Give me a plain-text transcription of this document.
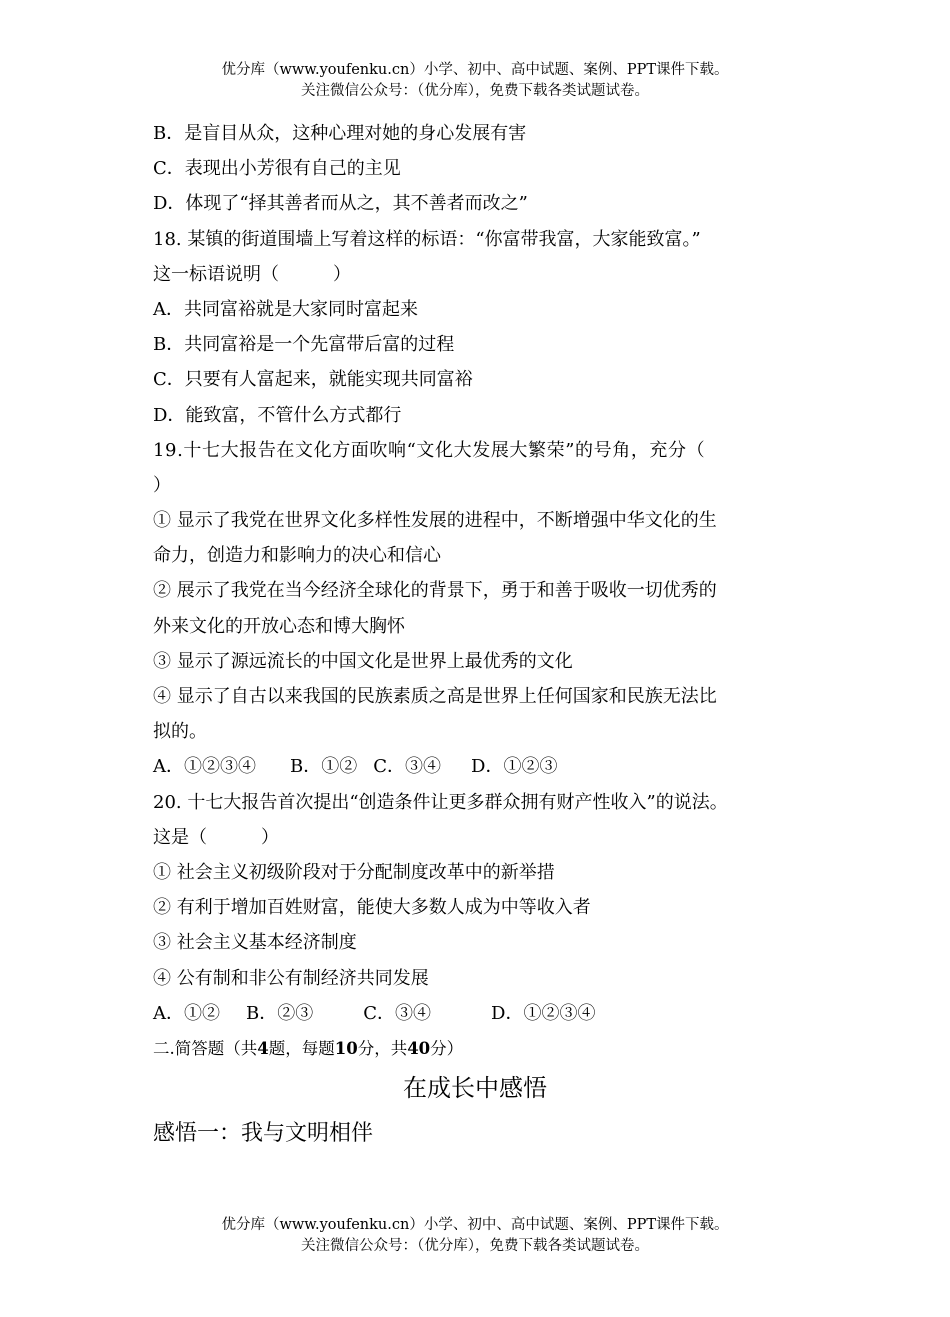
优分库（www.youfenku.cn）小学、初中、高中试题、案例、PPT课件下载。
关注微信公众号：（优分库），免费下载各类试题试卷。
B．是盲目从众，这种心理对她的身心发展有害
C．表现出小芳很有自己的主见
D．体现了“择其善者而从之，其不善者而改之”
18. 某镇的街道围墙上写着这样的标语：“你富带我富，大家能致富。”
这一标语说明（　　　）
A．共同富裕就是大家同时富起来
B．共同富裕是一个先富带后富的过程
C．只要有人富起来，就能实现共同富裕
D．能致富，不管什么方式都行
19.十七大报告在文化方面吹响“文化大发展大繁荣”的号角，充分（
）
① 显示了我党在世界文化多样性发展的进程中，不断增强中华文化的生
命力，创造力和影响力的决心和信心
② 展示了我党在当今经济全球化的背景下，勇于和善于吸收一切优秀的
外来文化的开放心态和博大胸怀
③ 显示了源远流长的中国文化是世界上最优秀的文化
④ 显示了自古以来我国的民族素质之高是世界上任何国家和民族无法比
拟的。
A．①②③④ B．①② C．③④ D．①②③
20. 十七大报告首次提出“创造条件让更多群众拥有财产性收入”的说法。
这是（　　　）
① 社会主义初级阶段对于分配制度改革中的新举措
② 有利于增加百姓财富，能使大多数人成为中等收入者
③ 社会主义基本经济制度
④ 公有制和非公有制经济共同发展
A．①② B．②③	C．③④	D．①②③④
二.简答题（共4题，每题10分，共40分）
在成长中感悟
感悟一：我与文明相伴
优分库（www.youfenku.cn）小学、初中、高中试题、案例、PPT课件下载。
关注微信公众号：（优分库），免费下载各类试题试卷。
